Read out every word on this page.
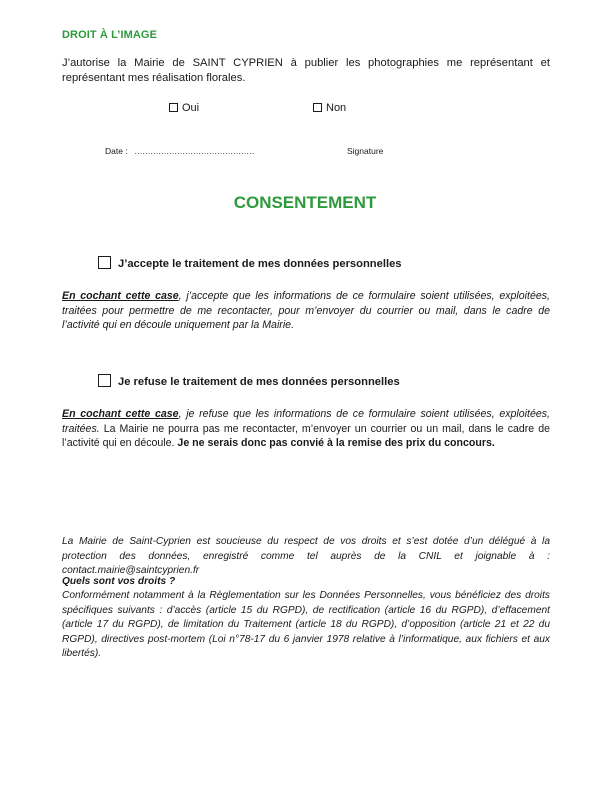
DROIT À L’IMAGE
J’autorise la Mairie de SAINT CYPRIEN à publier les photographies me représentant et représentant mes réalisation florales.
Oui	Non
Date : ………………………………………	Signature
CONSENTEMENT
J’accepte le traitement de mes données personnelles
En cochant cette case, j’accepte que les informations de ce formulaire soient utilisées, exploitées, traitées pour permettre de me recontacter, pour m’envoyer du courrier ou mail, dans le cadre de l’activité qui en découle uniquement par la Mairie.
Je refuse le traitement de mes données personnelles
En cochant cette case, je refuse que les informations de ce formulaire soient utilisées, exploitées, traitées. La Mairie ne pourra pas me recontacter, m’envoyer un courrier ou un mail, dans le cadre de l’activité qui en découle. Je ne serais donc pas convié à la remise des prix du concours.
La Mairie de Saint-Cyprien est soucieuse du respect de vos droits et s’est dotée d’un délégué à la protection des données, enregistré comme tel auprès de la CNIL et joignable à : contact.mairie@saintcyprien.fr
Quels sont vos droits ?
Conformément notamment à la Règlementation sur les Données Personnelles, vous bénéficiez des droits spécifiques suivants : d’accès (article 15 du RGPD), de rectification (article 16 du RGPD), d’effacement (article 17 du RGPD), de limitation du Traitement (article 18 du RGPD), d’opposition (article 21 et 22 du RGPD), directives post-mortem (Loi n°78-17 du 6 janvier 1978 relative à l’informatique, aux fichiers et aux libertés).
